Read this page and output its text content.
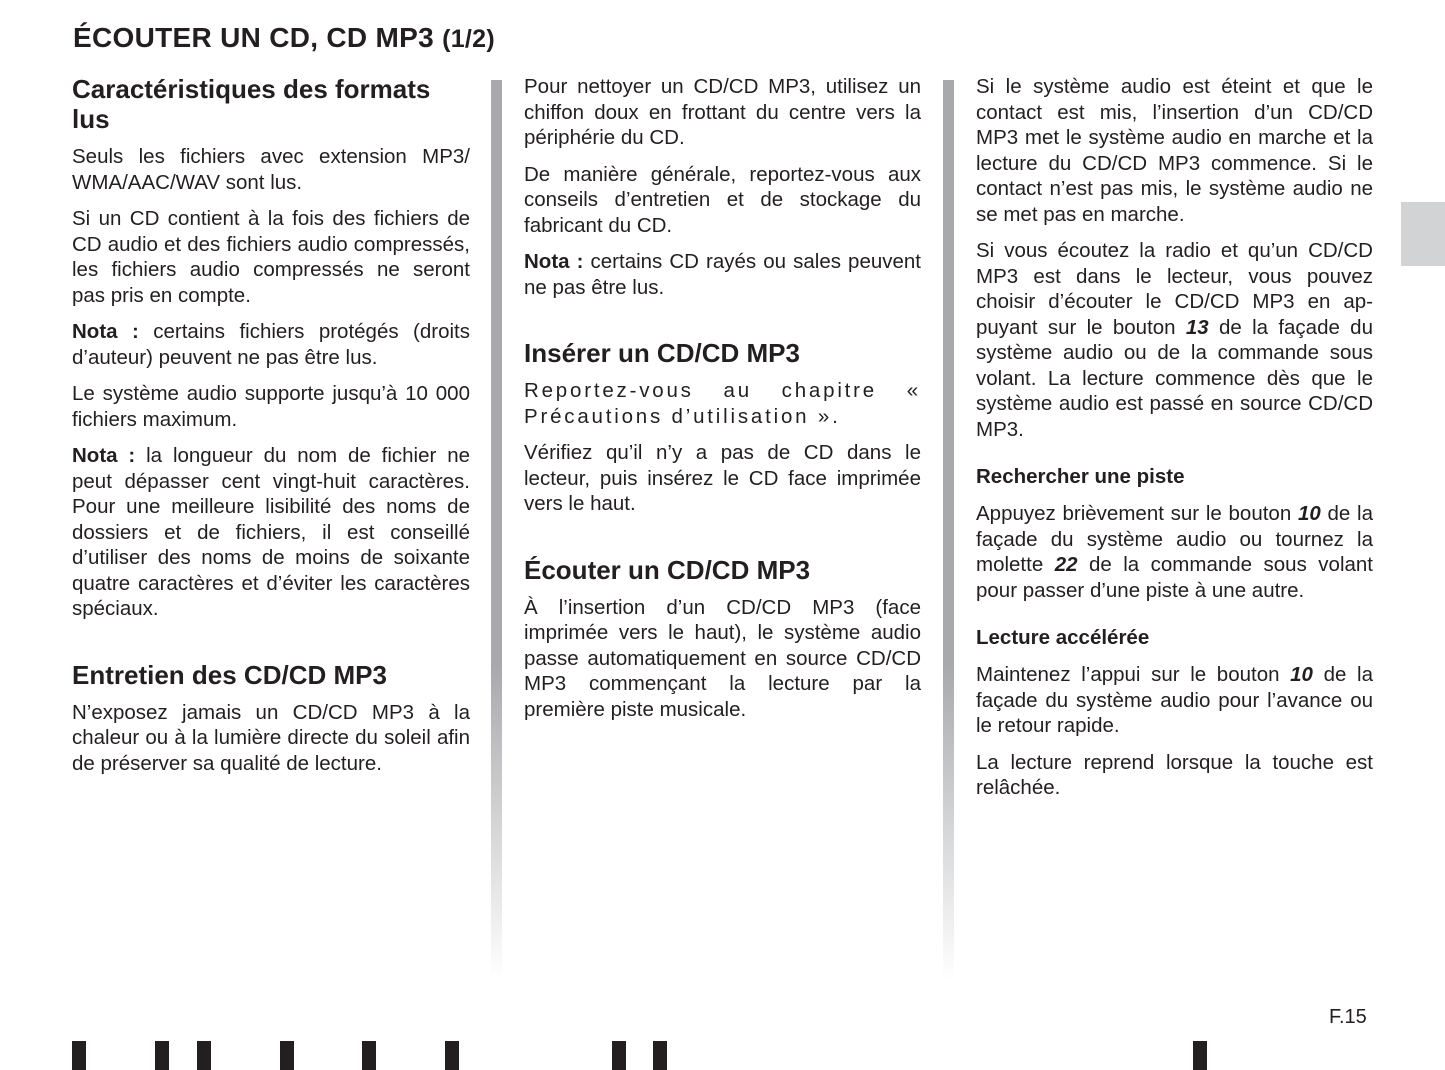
ÉCOUTER UN CD, CD MP3 (1/2)
Caractéristiques des formats lus

Seuls les fichiers avec extension MP3/ WMA/AAC/WAV sont lus.

Si un CD contient à la fois des fichiers de CD audio et des fichiers audio compressés, les fichiers audio compressés ne seront pas pris en compte.

Nota : certains fichiers protégés (droits d’auteur) peuvent ne pas être lus.

Le système audio supporte jusqu’à 10 000 fichiers maximum.

Nota : la longueur du nom de fichier ne peut dépasser cent vingt-huit caractères. Pour une meilleure lisibilité des noms de dossiers et de fichiers, il est conseillé d’utiliser des noms de moins de soixante quatre caractères et d’éviter les caractères spéciaux.

Entretien des CD/CD MP3

N’exposez jamais un CD/CD MP3 à la chaleur ou à la lumière directe du soleil afin de préserver sa qualité de lecture.

Pour nettoyer un CD/CD MP3, utilisez un chiffon doux en frottant du centre vers la périphérie du CD.

De manière générale, reportez-vous aux conseils d’entretien et de stockage du fabricant du CD.

Nota : certains CD rayés ou sales peuvent ne pas être lus.

Insérer un CD/CD MP3

Reportez-vous au chapitre « Précautions d’utilisation ».

Vérifiez qu’il n’y a pas de CD dans le lecteur, puis insérez le CD face imprimée vers le haut.

Écouter un CD/CD MP3

À l’insertion d’un CD/CD MP3 (face imprimée vers le haut), le système audio passe automatiquement en source CD/CD MP3 commençant la lecture par la première piste musicale.

Si le système audio est éteint et que le contact est mis, l’insertion d’un CD/CD MP3 met le système audio en marche et la lecture du CD/CD MP3 commence. Si le contact n’est pas mis, le système audio ne se met pas en marche.

Si vous écoutez la radio et qu’un CD/CD MP3 est dans le lecteur, vous pouvez choisir d’écouter le CD/CD MP3 en appuyant sur le bouton 13 de la façade du système audio ou de la commande sous volant. La lecture commence dès que le système audio est passé en source CD/CD MP3.

Rechercher une piste

Appuyez brièvement sur le bouton 10 de la façade du système audio ou tournez la molette 22 de la commande sous volant pour passer d’une piste à une autre.

Lecture accélérée

Maintenez l’appui sur le bouton 10 de la façade du système audio pour l’avance ou le retour rapide.

La lecture reprend lorsque la touche est relâchée.

F.15
